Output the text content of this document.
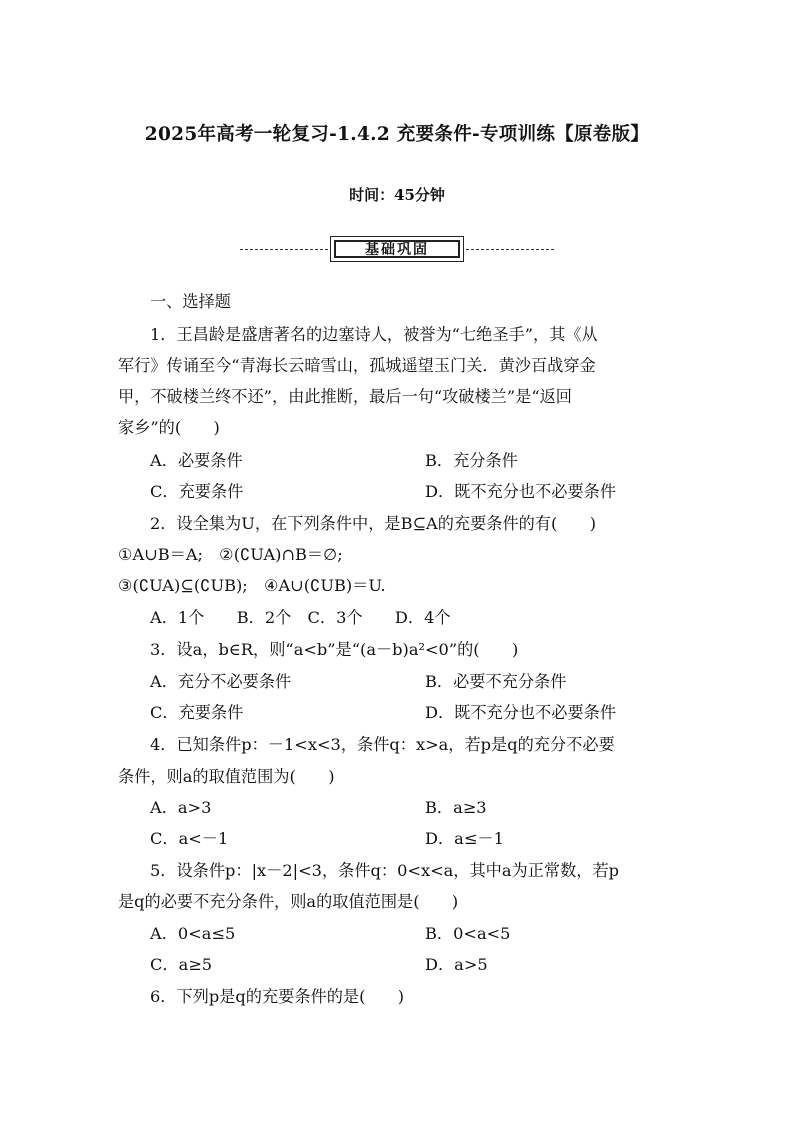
2025年高考一轮复习-1.4.2 充要条件-专项训练【原卷版】
时间：45分钟
基础巩固
一、选择题
1．王昌龄是盛唐著名的边塞诗人，被誉为“七绝圣手”，其《从
军行》传诵至今“青海长云暗雪山，孤城遥望玉门关．黄沙百战穿金
甲，不破楼兰终不还”，由此推断，最后一句“攻破楼兰”是“返回
家乡”的(　　)
A．必要条件	B．充分条件
C．充要条件	D．既不充分也不必要条件
2．设全集为U，在下列条件中，是B⊆A的充要条件的有(　　)
①A∪B＝A;　②(∁UA)∩B＝∅;
③(∁UA)⊆(∁UB);　④A∪(∁UB)＝U.
A．1个　　B．2个　C．3个　　D．4个
3．设a，b∈R，则“a<b”是“(a－b)a²<0”的(　　)
A．充分不必要条件	B．必要不充分条件
C．充要条件	D．既不充分也不必要条件
4．已知条件p：－1<x<3，条件q：x>a，若p是q的充分不必要
条件，则a的取值范围为(　　)
A．a>3	B．a≥3
C．a<－1	D．a≤－1
5．设条件p：|x－2|<3，条件q：0<x<a，其中a为正常数，若p
是q的必要不充分条件，则a的取值范围是(　　)
A．0<a≤5	B．0<a<5
C．a≥5	D．a>5
6．下列p是q的充要条件的是(　　)
